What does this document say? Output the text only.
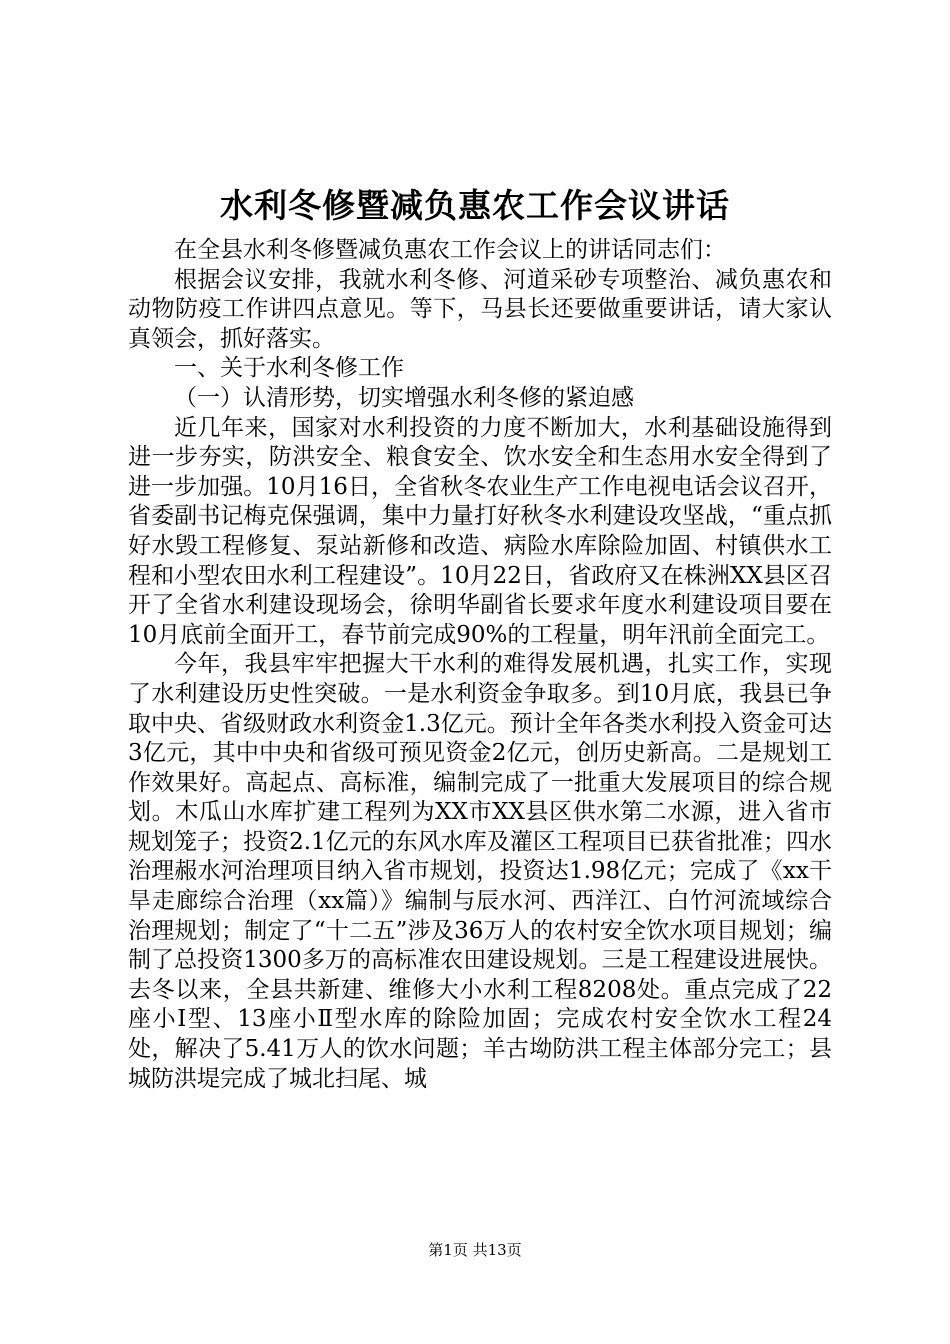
水利冬修暨减负惠农工作会议讲话

在全县水利冬修暨减负惠农工作会议上的讲话同志们：

根据会议安排，我就水利冬修、河道采砂专项整治、减负惠农和动物防疫工作讲四点意见。等下，马县长还要做重要讲话，请大家认真领会，抓好落实。

一、关于水利冬修工作

（一）认清形势，切实增强水利冬修的紧迫感

近几年来，国家对水利投资的力度不断加大，水利基础设施得到进一步夯实，防洪安全、粮食安全、饮水安全和生态用水安全得到了进一步加强。10月16日，全省秋冬农业生产工作电视电话会议召开，省委副书记梅克保强调，集中力量打好秋冬水利建设攻坚战，“重点抓好水毁工程修复、泵站新修和改造、病险水库除险加固、村镇供水工程和小型农田水利工程建设”。10月22日，省政府又在株洲XX县区召开了全省水利建设现场会，徐明华副省长要求年度水利建设项目要在10月底前全面开工，春节前完成90%的工程量，明年汛前全面完工。

今年，我县牢牢把握大干水利的难得发展机遇，扎实工作，实现了水利建设历史性突破。一是水利资金争取多。到10月底，我县已争取中央、省级财政水利资金1.3亿元。预计全年各类水利投入资金可达3亿元，其中中央和省级可预见资金2亿元，创历史新高。二是规划工作效果好。高起点、高标准，编制完成了一批重大发展项目的综合规划。木瓜山水库扩建工程列为XX市XX县区供水第二水源，进入省市规划笼子；投资2.1亿元的东风水库及灌区工程项目已获省批准；四水治理赧水河治理项目纳入省市规划，投资达1.98亿元；完成了《xx干旱走廊综合治理（xx篇）》编制与辰水河、西洋江、白竹河流域综合治理规划；制定了“十二五”涉及36万人的农村安全饮水项目规划；编制了总投资1300多万的高标准农田建设规划。三是工程建设进展快。去冬以来，全县共新建、维修大小水利工程8208处。重点完成了22座小Ⅰ型、13座小Ⅱ型水库的除险加固；完成农村安全饮水工程24处，解决了5.41万人的饮水问题；羊古坳防洪工程主体部分完工；县城防洪堤完成了城北扫尾、城

第1页 共13页
